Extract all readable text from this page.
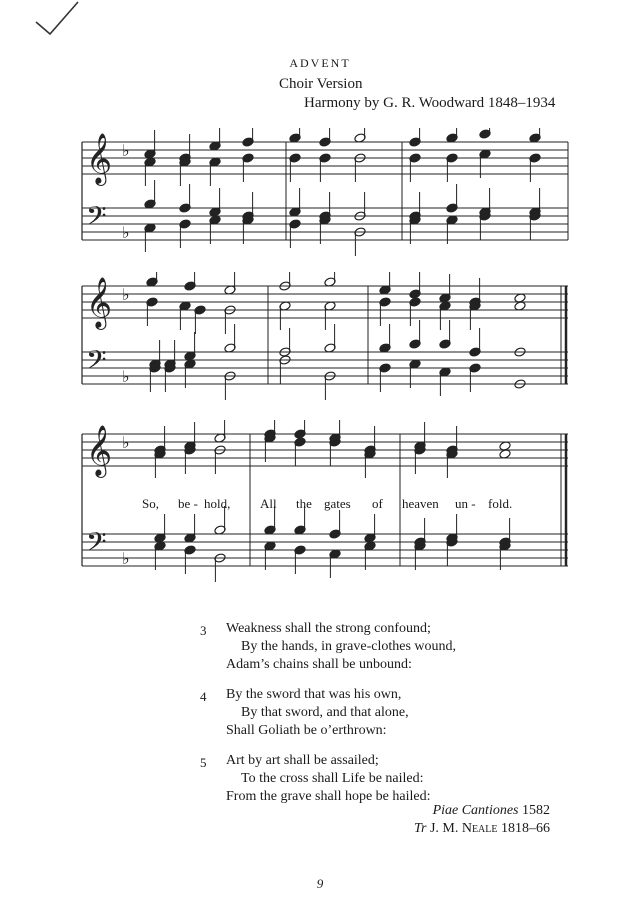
ADVENT
Choir Version
Harmony by G. R. Woodward 1848–1934
𝄞
𝄢
♭
♭
𝄞
𝄢
♭
♭
𝄞
𝄢
♭
♭
So, be - hold, All the gates of heaven un - fold.
3	Weakness shall the strong confound;
By the hands, in grave-clothes wound,
Adam’s chains shall be unbound:
4	By the sword that was his own,
By that sword, and that alone,
Shall Goliath be o’erthrown:
5	Art by art shall be assailed;
To the cross shall Life be nailed:
From the grave shall hope be hailed:
Piae Cantiones 1582
Tr J. M. Neale 1818–66
9
